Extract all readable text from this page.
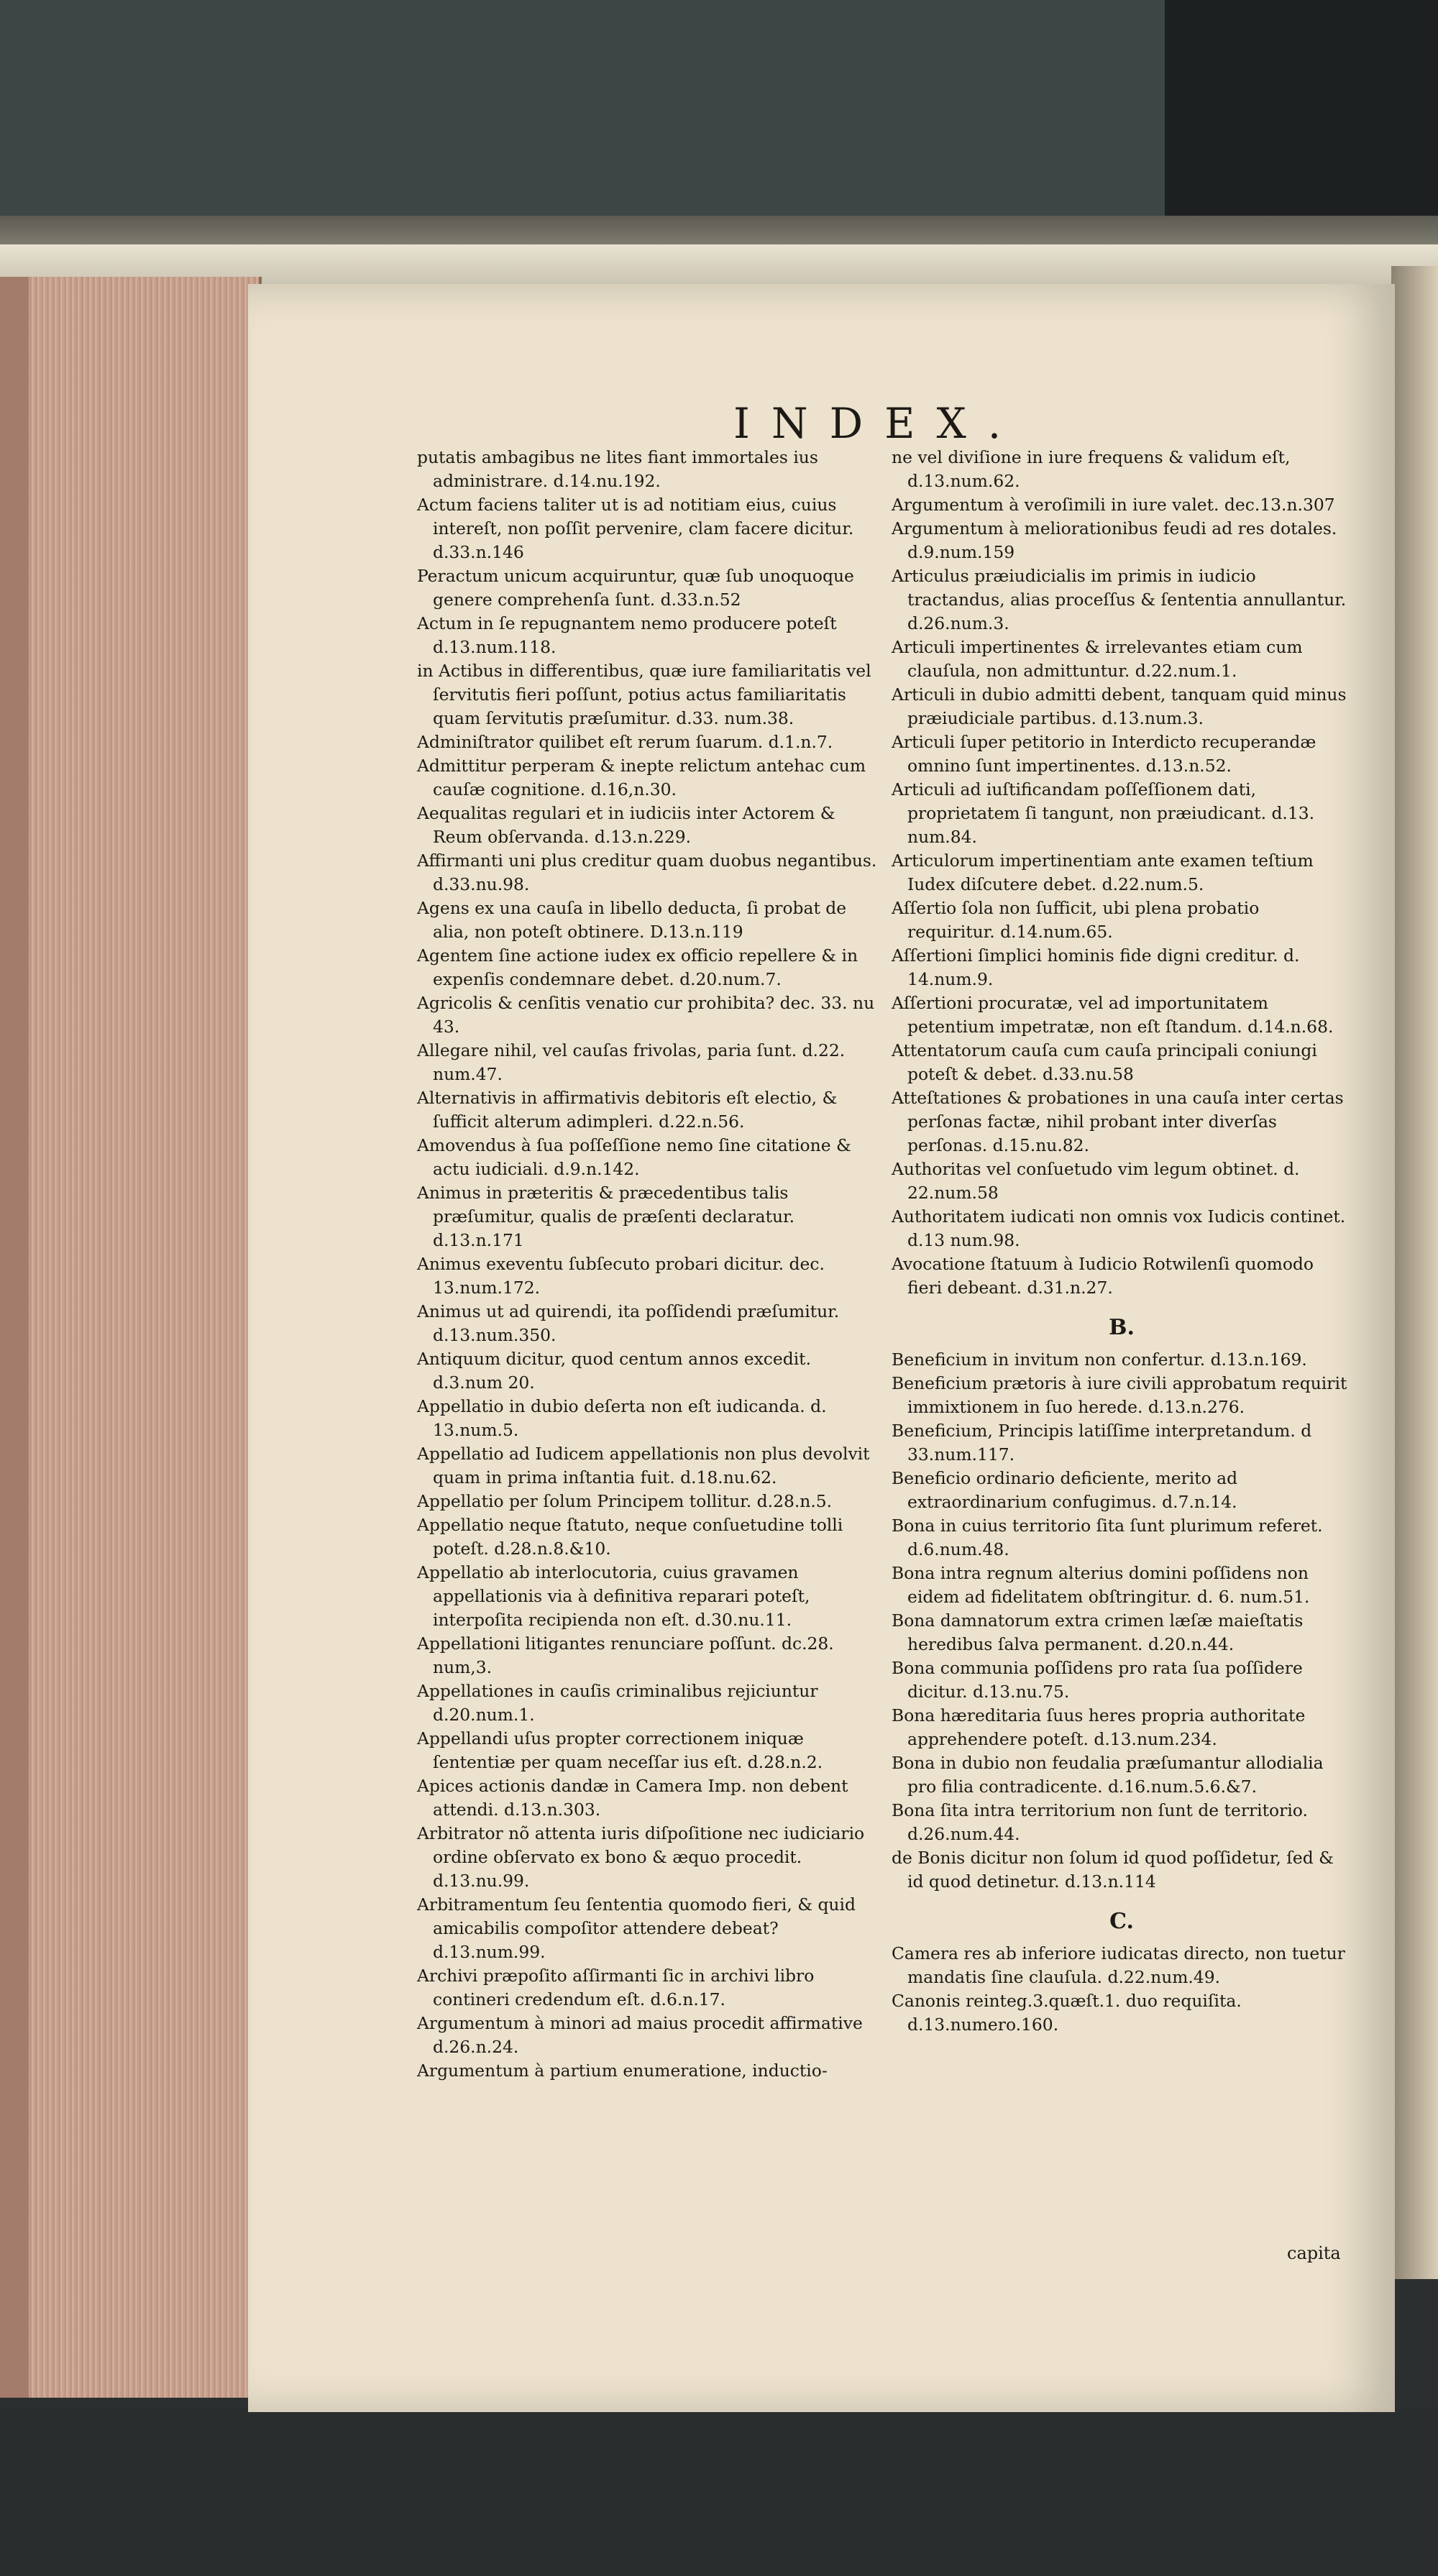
INDEX.

putatis ambagibus ne lites fiant immortales ius administrare. d.14.nu.192.

Actum faciens taliter ut is ad notitiam eius, cuius intereſt, non poſſit pervenire, clam facere dicitur. d.33.n.146

Peractum unicum acquiruntur, quæ ſub unoquoque genere comprehenſa ſunt. d.33.n.52

Actum in ſe repugnantem nemo producere poteſt d.13.num.118.

in Actibus in differentibus, quæ iure familiaritatis vel ſervitutis fieri poſſunt, potius actus familiaritatis quam ſervitutis præſumitur. d.33. num.38.

Adminiſtrator quilibet eſt rerum ſuarum. d.1.n.7.

Admittitur perperam & inepte relictum antehac cum cauſæ cognitione. d.16,n.30.

Aequalitas regulari et in iudiciis inter Actorem & Reum obſervanda. d.13.n.229.

Affirmanti uni plus creditur quam duobus negantibus. d.33.nu.98.

Agens ex una cauſa in libello deducta, ſi probat de alia, non poteſt obtinere. D.13.n.119

Agentem ſine actione iudex ex officio repellere & in expenſis condemnare debet. d.20.num.7.

Agricolis & cenſitis venatio cur prohibita? dec. 33. nu 43.

Allegare nihil, vel cauſas frivolas, paria ſunt. d.22. num.47.

Alternativis in affirmativis debitoris eſt electio, & ſufficit alterum adimpleri. d.22.n.56.

Amovendus à ſua poſſeſſione nemo ſine citatione & actu iudiciali. d.9.n.142.

Animus in præteritis & præcedentibus talis præſumitur, qualis de præſenti declaratur. d.13.n.171

Animus exeventu ſubſecuto probari dicitur. dec. 13.num.172.

Animus ut ad quirendi, ita poſſidendi præſumitur. d.13.num.350.

Antiquum dicitur, quod centum annos excedit. d.3.num 20.

Appellatio in dubio deſerta non eſt iudicanda. d. 13.num.5.

Appellatio ad Iudicem appellationis non plus devolvit quam in prima inſtantia fuit. d.18.nu.62.

Appellatio per ſolum Principem tollitur. d.28.n.5.

Appellatio neque ſtatuto, neque conſuetudine tolli poteſt. d.28.n.8.&10.

Appellatio ab interlocutoria, cuius gravamen appellationis via à definitiva reparari poteſt, interpoſita recipienda non eſt. d.30.nu.11.

Appellationi litigantes renunciare poſſunt. dc.28. num,3.

Appellationes in cauſis criminalibus rejiciuntur d.20.num.1.

Appellandi uſus propter correctionem iniquæ ſententiæ per quam neceſſar ius eſt. d.28.n.2.

Apices actionis dandæ in Camera Imp. non debent attendi. d.13.n.303.

Arbitrator nõ attenta iuris diſpoſitione nec iudiciario ordine obſervato ex bono & æquo procedit. d.13.nu.99.

Arbitramentum ſeu ſententia quomodo fieri, & quid amicabilis compoſitor attendere debeat? d.13.num.99.

Archivi præpoſito aſſirmanti ſic in archivi libro contineri credendum eſt. d.6.n.17.

Argumentum à minori ad maius procedit affirmative d.26.n.24.

Argumentum à partium enumeratione, inductio-

ne vel diviſione in iure frequens & validum eſt, d.13.num.62.

Argumentum à veroſimili in iure valet. dec.13.n.307

Argumentum à meliorationibus feudi ad res dotales. d.9.num.159

Articulus præiudicialis im primis in iudicio tractandus, alias proceſſus & ſententia annullantur. d.26.num.3.

Articuli impertinentes & irrelevantes etiam cum clauſula, non admittuntur. d.22.num.1.

Articuli in dubio admitti debent, tanquam quid minus præiudiciale partibus. d.13.num.3.

Articuli ſuper petitorio in Interdicto recuperandæ omnino ſunt impertinentes. d.13.n.52.

Articuli ad iuſtificandam poſſeſſionem dati, proprietatem ſi tangunt, non præiudicant. d.13. num.84.

Articulorum impertinentiam ante examen teſtium Iudex diſcutere debet. d.22.num.5.

Aſſertio ſola non ſufficit, ubi plena probatio requiritur. d.14.num.65.

Aſſertioni ſimplici hominis fide digni creditur. d. 14.num.9.

Aſſertioni procuratæ, vel ad importunitatem petentium impetratæ, non eſt ſtandum. d.14.n.68.

Attentatorum cauſa cum cauſa principali coniungi poteſt & debet. d.33.nu.58

Atteſtationes & probationes in una cauſa inter certas perſonas factæ, nihil probant inter diverſas perſonas. d.15.nu.82.

Authoritas vel conſuetudo vim legum obtinet. d. 22.num.58

Authoritatem iudicati non omnis vox Iudicis continet. d.13 num.98.

Avocatione ſtatuum à Iudicio Rotwilenſi quomodo fieri debeant. d.31.n.27.

B.

Beneficium in invitum non confertur. d.13.n.169.

Beneficium prætoris à iure civili approbatum requirit immixtionem in ſuo herede. d.13.n.276.

Beneficium, Principis latiſſime interpretandum. d 33.num.117.

Beneficio ordinario deficiente, merito ad extraordinarium confugimus. d.7.n.14.

Bona in cuius territorio ſita ſunt plurimum referet. d.6.num.48.

Bona intra regnum alterius domini poſſidens non eidem ad fidelitatem obſtringitur. d. 6. num.51.

Bona damnatorum extra crimen læſæ maieſtatis heredibus ſalva permanent. d.20.n.44.

Bona communia poſſidens pro rata ſua poſſidere dicitur. d.13.nu.75.

Bona hæreditaria ſuus heres propria authoritate apprehendere poteſt. d.13.num.234.

Bona in dubio non feudalia præſumantur allodialia pro filia contradicente. d.16.num.5.6.&7.

Bona ſita intra territorium non ſunt de territorio. d.26.num.44.

de Bonis dicitur non ſolum id quod poſſidetur, ſed & id quod detinetur. d.13.n.114

C.

Camera res ab inferiore iudicatas directo, non tuetur mandatis ſine clauſula. d.22.num.49.

Canonis reinteg.3.quæſt.1. duo requiſita. d.13.numero.160.

capita
